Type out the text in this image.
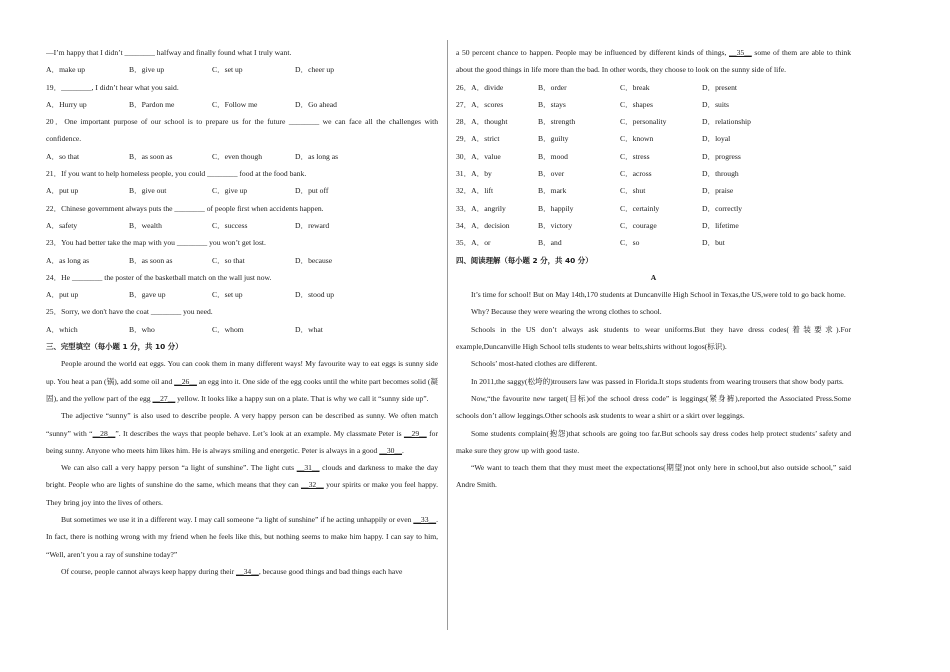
—I’m happy that I didn’t ________ halfway and finally found what I truly want.
A．make up	B．give up	C．set up	D．cheer up
19．________, I didn’t hear what you said.
A．Hurry up	B．Pardon me	C．Follow me	D．Go ahead
20．One important purpose of our school is to prepare us for the future ________ we can face all the challenges with confidence.
A．so that	B．as soon as	C．even though	D．as long as
21．If you want to help homeless people, you could ________ food at the food bank.
A．put up	B．give out	C．give up	D．put off
22．Chinese government always puts the ________ of people first when accidents happen.
A．safety	B．wealth	C．success	D．reward
23．You had better take the map with you ________ you won’t get lost.
A．as long as	B．as soon as	C．so that	D．because
24．He ________ the poster of the basketball match on the wall just now.
A．put up	B．gave up	C．set up	D．stood up
25．Sorry, we don't have the coat ________ you need.
A．which	B．who	C．whom	D．what
三、完型填空（每小题 1 分，共 10 分）
People around the world eat eggs. You can cook them in many different ways! My favourite way to eat eggs is sunny side up. You heat a pan (锅), add some oil and __26__ an egg into it. One side of the egg cooks until the white part becomes solid (凝固), and the yellow part of the egg __27__ yellow. It looks like a happy sun on a plate. That is why we call it “sunny side up”.
The adjective “sunny” is also used to describe people. A very happy person can be described as sunny. We often match “sunny” with “__28__”. It describes the ways that people behave. Let’s look at an example. My classmate Peter is __29__ for being sunny. Anyone who meets him likes him. He is always smiling and energetic. Peter is always in a good __30__.
We can also call a very happy person “a light of sunshine”. The light cuts __31__ clouds and darkness to make the day bright. People who are lights of sunshine do the same, which means that they can __32__ your spirits or make you feel happy. They bring joy into the lives of others.
But sometimes we use it in a different way. I may call someone “a light of sunshine” if he acting unhappily or even __33__. In fact, there is nothing wrong with my friend when he feels like this, but nothing seems to make him happy. I can say to him, “Well, aren’t you a ray of sunshine today?”
Of course, people cannot always keep happy during their __34__, because good things and bad things each have
a 50 percent chance to happen. People may be influenced by different kinds of things, __35__ some of them are able to think about the good things in life more than the bad. In other words, they choose to look on the sunny side of life.
26．A．divide	B．order	C．break	D．present
27．A．scores	B．stays	C．shapes	D．suits
28．A．thought	B．strength	C．personality	D．relationship
29．A．strict	B．guilty	C．known	D．loyal
30．A．value	B．mood	C．stress	D．progress
31．A．by	B．over	C．across	D．through
32．A．lift	B．mark	C．shut	D．praise
33．A．angrily	B．happily	C．certainly	D．correctly
34．A．decision	B．victory	C．courage	D．lifetime
35．A．or	B．and	C．so	D．but
四、阅读理解（每小题 2 分，共 40 分）
A
It’s time for school! But on May 14th,170 students at Duncanville High School in Texas,the US,were told to go back home.
Why? Because they were wearing the wrong clothes to school.
Schools in the US don’t always ask students to wear uniforms.But they have dress codes(着装要求).For example,Duncanville High School tells students to wear belts,shirts without logos(标识).
Schools’ most-hated clothes are different.
In 2011,the saggy(松垮的)trousers law was passed in Florida.It stops students from wearing trousers that show body parts.
Now,“the favourite new target(目标)of the school dress code” is leggings(紧身裤),reported the Associated Press.Some schools don’t allow leggings.Other schools ask students to wear a shirt or a skirt over leggings.
Some students complain(抱怨)that schools are going too far.But schools say dress codes help protect students’ safety and make sure they grow up with good taste.
“We want to teach them that they must meet the expectations(期望)not only here in school,but also outside school,” said Andre Smith.
